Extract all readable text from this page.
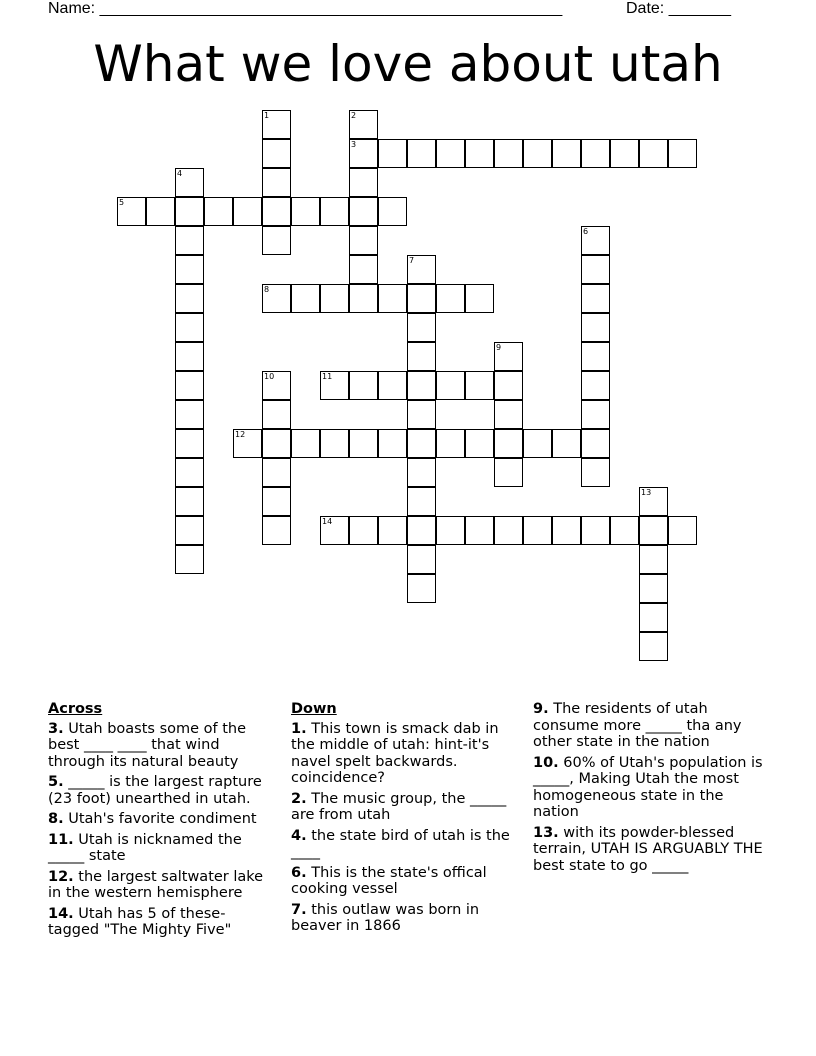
Name: ____________________________________________________	Date: _______
What we love about utah
1	2
3
4
5
6
7
8
9
10	11
12
13
14
Across
3. Utah boasts some of the best ____ ____ that wind through its natural beauty
5. _____ is the largest rapture (23 foot) unearthed in utah.
8. Utah's favorite condiment
11. Utah is nicknamed the _____ state
12. the largest saltwater lake in the western hemisphere
14. Utah has 5 of these- tagged "The Mighty Five"
Down
1. This town is smack dab in the middle of utah: hint-it's navel spelt backwards. coincidence?
2. The music group, the _____ are from utah
4. the state bird of utah is the ____
6. This is the state's offical cooking vessel
7. this outlaw was born in beaver in 1866
9. The residents of utah consume more _____ tha any other state in the nation
10. 60% of Utah's population is _____, Making Utah the most homogeneous state in the nation
13. with its powder-blessed terrain, UTAH IS ARGUABLY THE best state to go _____
